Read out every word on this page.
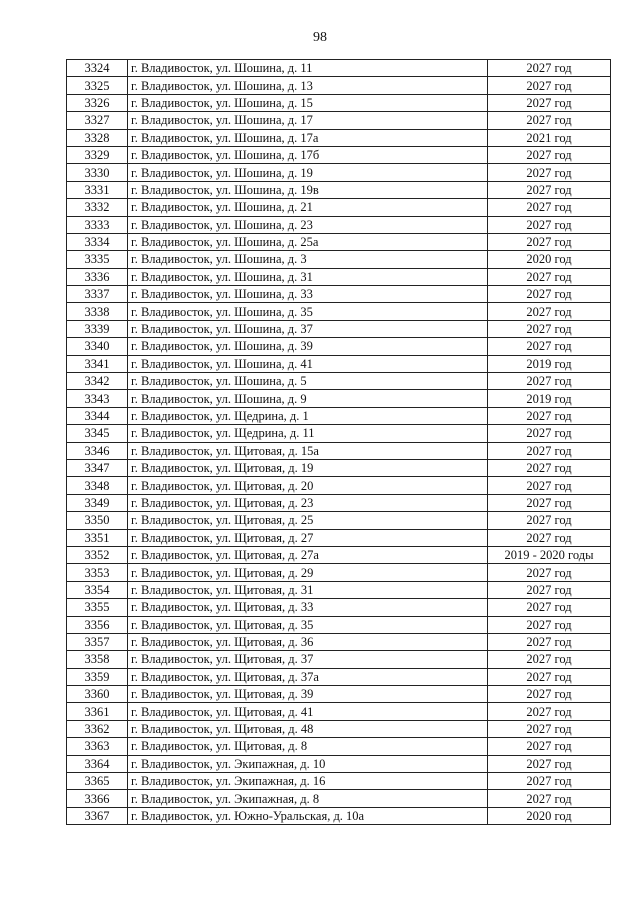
98
3324	г. Владивосток, ул. Шошина, д. 11	2027 год
3325	г. Владивосток, ул. Шошина, д. 13	2027 год
3326	г. Владивосток, ул. Шошина, д. 15	2027 год
3327	г. Владивосток, ул. Шошина, д. 17	2027 год
3328	г. Владивосток, ул. Шошина, д. 17а	2021 год
3329	г. Владивосток, ул. Шошина, д. 17б	2027 год
3330	г. Владивосток, ул. Шошина, д. 19	2027 год
3331	г. Владивосток, ул. Шошина, д. 19в	2027 год
3332	г. Владивосток, ул. Шошина, д. 21	2027 год
3333	г. Владивосток, ул. Шошина, д. 23	2027 год
3334	г. Владивосток, ул. Шошина, д. 25а	2027 год
3335	г. Владивосток, ул. Шошина, д. 3	2020 год
3336	г. Владивосток, ул. Шошина, д. 31	2027 год
3337	г. Владивосток, ул. Шошина, д. 33	2027 год
3338	г. Владивосток, ул. Шошина, д. 35	2027 год
3339	г. Владивосток, ул. Шошина, д. 37	2027 год
3340	г. Владивосток, ул. Шошина, д. 39	2027 год
3341	г. Владивосток, ул. Шошина, д. 41	2019 год
3342	г. Владивосток, ул. Шошина, д. 5	2027 год
3343	г. Владивосток, ул. Шошина, д. 9	2019 год
3344	г. Владивосток, ул. Щедрина, д. 1	2027 год
3345	г. Владивосток, ул. Щедрина, д. 11	2027 год
3346	г. Владивосток, ул. Щитовая, д. 15а	2027 год
3347	г. Владивосток, ул. Щитовая, д. 19	2027 год
3348	г. Владивосток, ул. Щитовая, д. 20	2027 год
3349	г. Владивосток, ул. Щитовая, д. 23	2027 год
3350	г. Владивосток, ул. Щитовая, д. 25	2027 год
3351	г. Владивосток, ул. Щитовая, д. 27	2027 год
3352	г. Владивосток, ул. Щитовая, д. 27а	2019 - 2020 годы
3353	г. Владивосток, ул. Щитовая, д. 29	2027 год
3354	г. Владивосток, ул. Щитовая, д. 31	2027 год
3355	г. Владивосток, ул. Щитовая, д. 33	2027 год
3356	г. Владивосток, ул. Щитовая, д. 35	2027 год
3357	г. Владивосток, ул. Щитовая, д. 36	2027 год
3358	г. Владивосток, ул. Щитовая, д. 37	2027 год
3359	г. Владивосток, ул. Щитовая, д. 37а	2027 год
3360	г. Владивосток, ул. Щитовая, д. 39	2027 год
3361	г. Владивосток, ул. Щитовая, д. 41	2027 год
3362	г. Владивосток, ул. Щитовая, д. 48	2027 год
3363	г. Владивосток, ул. Щитовая, д. 8	2027 год
3364	г. Владивосток, ул. Экипажная, д. 10	2027 год
3365	г. Владивосток, ул. Экипажная, д. 16	2027 год
3366	г. Владивосток, ул. Экипажная, д. 8	2027 год
3367	г. Владивосток, ул. Южно-Уральская, д. 10а	2020 год
